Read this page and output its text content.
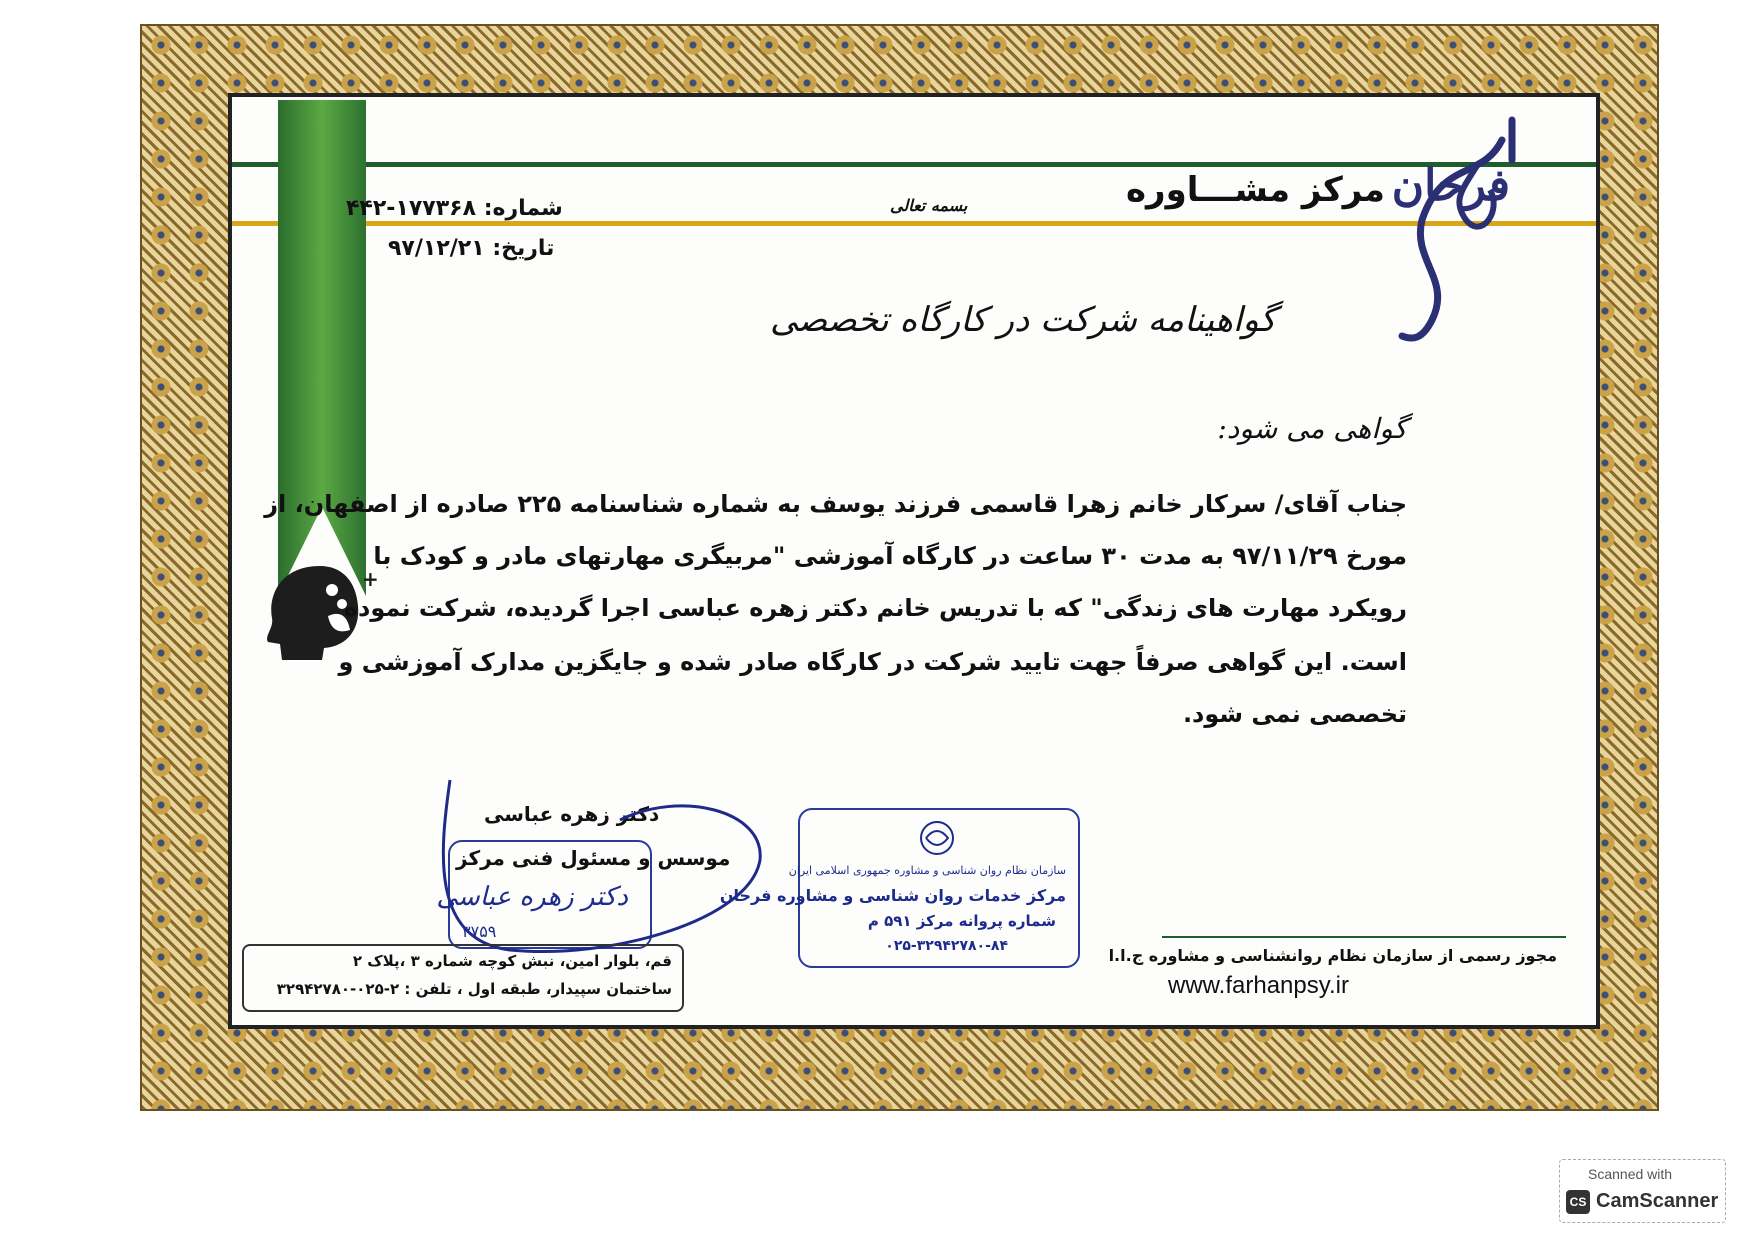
+
فرحان
مرکز مشـــاوره
بسمه تعالی
شماره: ۱۷۷۳۶۸-۴۴۲
تاریخ: ۹۷/۱۲/۲۱
گواهینامه شرکت در کارگاه تخصصی
گواهی می شود:
جناب آقای/ سرکار خانم زهرا قاسمی فرزند یوسف به شماره شناسنامه ۲۲۵ صادره از اصفهان، از
مورخ ۹۷/۱۱/۲۹ به مدت ۳۰ ساعت در کارگاه آموزشی "مربیگری مهارتهای مادر و کودک با
رویکرد مهارت های زندگی" که با تدریس خانم دکتر زهره عباسی اجرا گردیده، شرکت نموده
است. این گواهی صرفاً جهت تایید شرکت در کارگاه صادر شده و جایگزین مدارک آموزشی و
تخصصی نمی شود.
دکتر زهره عباسی
موسس و مسئول فنی مرکز
دکتر زهره عباسی
۳۷۵۹
سازمان نظام روان شناسی و مشاوره جمهوری اسلامی ایران
مرکز خدمات روان شناسی و مشاوره فرحان
شماره پروانه مرکز ۵۹۱ م
۰۲۵-۳۲۹۴۲۷۸۰-۸۴
قم، بلوار امین، نبش کوچه شماره ۳ ،پلاک ۲
ساختمان سپیدار، طبقه اول ، تلفن : ۲-۰۲۵-۳۲۹۴۲۷۸۰
مجوز رسمی از سازمان نظام روانشناسی و مشاوره ج.ا.ا
www.farhanpsy.ir
Scanned with
CS CamScanner
